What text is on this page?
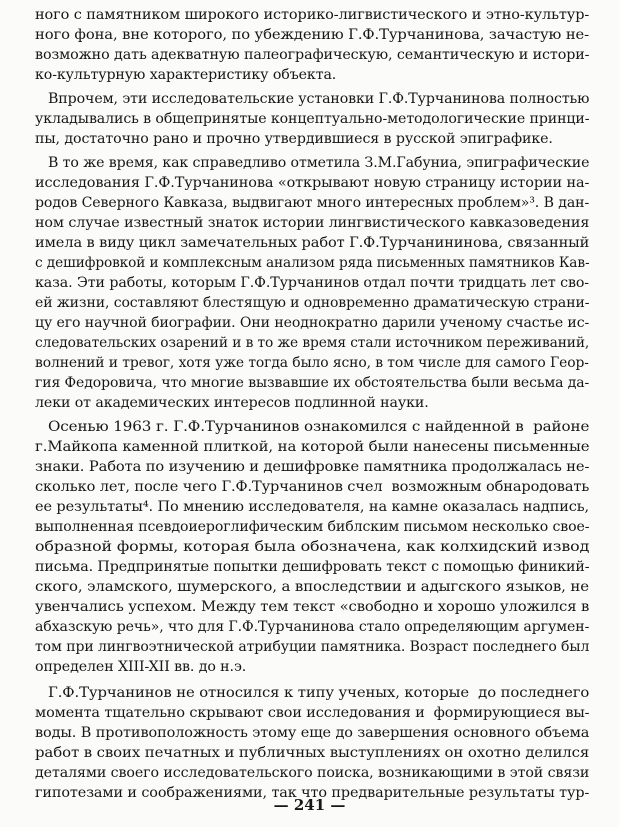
ного с памятником широкого историко-лигвистического и этно-культур-

ного фона, вне которого, по убеждению Г.Ф.Турчанинова, зачастую не-

возможно дать адекватную палеографическую, семантическую и истори-

ко-культурную характеристику объекта.

Впрочем, эти исследовательские установки Г.Ф.Турчанинова полностью

укладывались в общепринятые концептуально-методологические принци-

пы, достаточно рано и прочно утвердившиеся в русской эпиграфике.

В то же время, как справедливо отметила З.М.Габуниа, эпиграфические

исследования Г.Ф.Турчанинова «открывают новую страницу истории на-

родов Северного Кавказа, выдвигают много интересных проблем»³. В дан-

ном случае известный знаток истории лингвистического кавказоведения

имела в виду цикл замечательных работ Г.Ф.Турчанининова, связанный

с дешифровкой и комплексным анализом ряда письменных памятников Кав-

каза. Эти работы, которым Г.Ф.Турчанинов отдал почти тридцать лет сво-

ей жизни, составляют блестящую и одновременно драматическую страни-

цу его научной биографии. Они неоднократно дарили ученому счастье ис-

следовательских озарений и в то же время стали источником переживаний,

волнений и тревог, хотя уже тогда было ясно, в том числе для самого Геор-

гия Федоровича, что многие вызвавшие их обстоятельства были весьма да-

леки от академических интересов подлинной науки.

Осенью 1963 г. Г.Ф.Турчанинов ознакомился с найденной в  районе

г.Майкопа каменной плиткой, на которой были нанесены письменные

знаки. Работа по изучению и дешифровке памятника продолжалась не-

сколько лет, после чего Г.Ф.Турчанинов счел  возможным обнародовать

ее результаты⁴. По мнению исследователя, на камне оказалась надпись,

выполненная псевдоиероглифическим библским письмом несколько свое-

образной формы, которая была обозначена, как колхидский извод

письма. Предпринятые попытки дешифровать текст с помощью финикий-

ского, эламского, шумерского, а впоследствии и адыгского языков, не

увенчались успехом. Между тем текст «свободно и хорошо уложился в

абхазскую речь», что для Г.Ф.Турчанинова стало определяющим аргумен-

том при лингвоэтнической атрибуции памятника. Возраст последнего был

определен XIII-XII вв. до н.э.

Г.Ф.Турчанинов не относился к типу ученых, которые  до последнего

момента тщательно скрывают свои исследования и  формирующиеся вы-

воды. В противоположность этому еще до завершения основного объема

работ в своих печатных и публичных выступлениях он охотно делился

деталями своего исследовательского поиска, возникающими в этой связи

гипотезами и соображениями, так что предварительные результаты тур-

— 241 —
